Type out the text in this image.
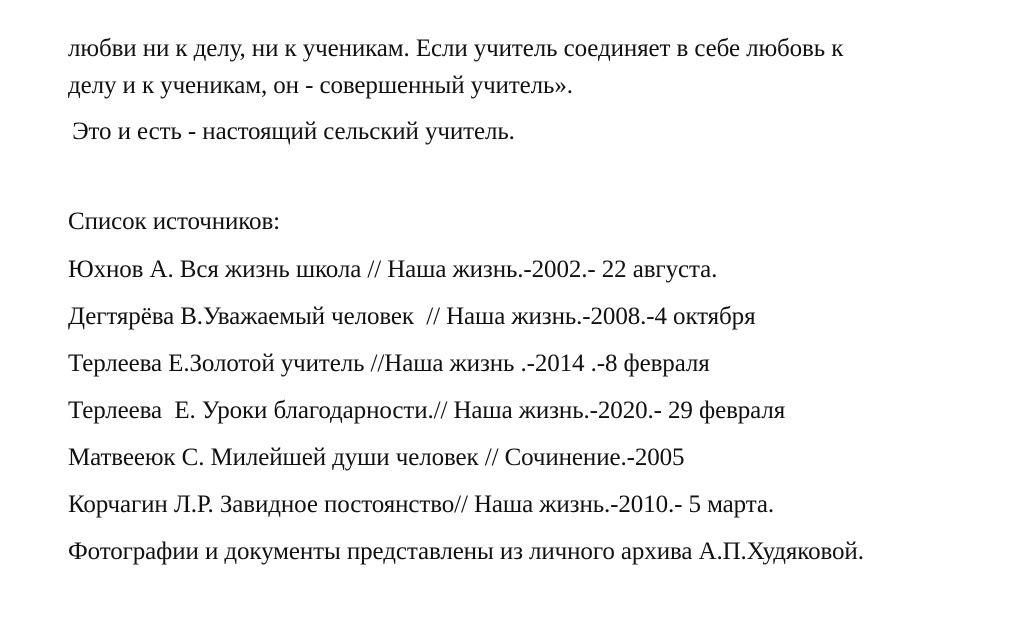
любви ни к делу, ни к ученикам. Если учитель соединяет в себе любовь к
делу и к ученикам, он - совершенный учитель».
Это и есть - настоящий сельский учитель.
Список источников:
Юхнов А. Вся жизнь школа // Наша жизнь.-2002.- 22 августа.
Дегтярёва В.Уважаемый человек  // Наша жизнь.-2008.-4 октября
Терлеева Е.Золотой учитель //Наша жизнь .-2014 .-8 февраля
Терлеева  Е. Уроки благодарности.// Наша жизнь.-2020.- 29 февраля
Матвееюк С. Милейшей души человек // Сочинение.-2005
Корчагин Л.Р. Завидное постоянство// Наша жизнь.-2010.- 5 марта.
Фотографии и документы представлены из личного архива А.П.Худяковой.
